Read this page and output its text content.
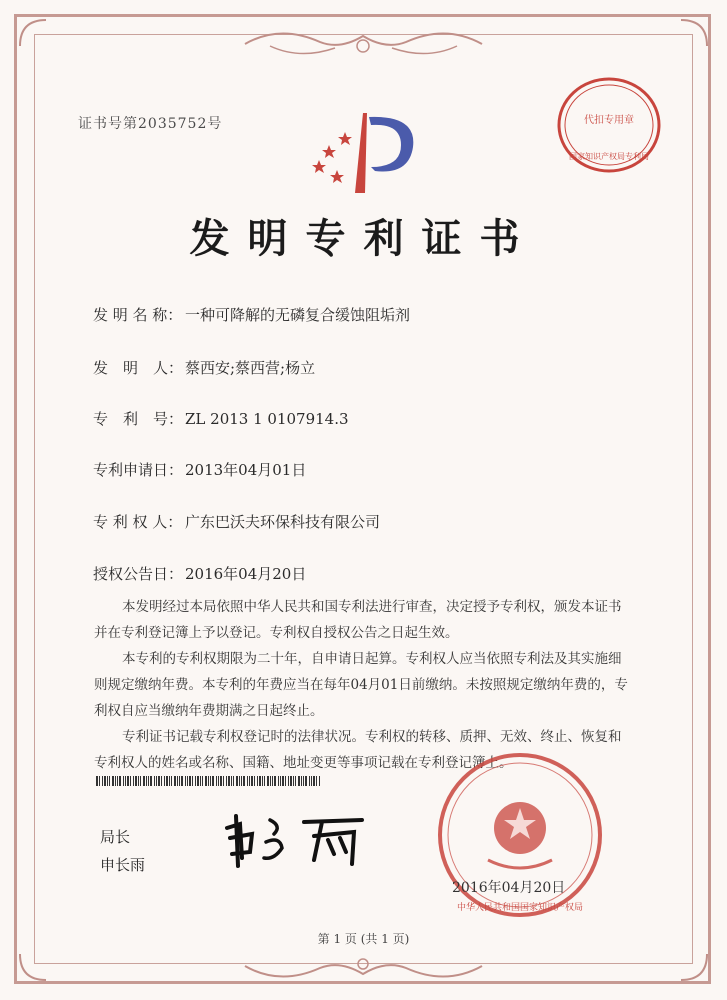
证书号第2035752号	代扣专用章
国家知识产权局专利局
发明专利证书
发 明 名 称： 一种可降解的无磷复合缓蚀阻垢剂
发　明　人： 蔡西安;蔡西营;杨立
专　利　号： ZL 2013 1 0107914.3
专利申请日： 2013年04月01日
专 利 权 人： 广东巴沃夫环保科技有限公司
授权公告日： 2016年04月20日

本发明经过本局依照中华人民共和国专利法进行审查，决定授予专利权，颁发本证书并在专利登记簿上予以登记。专利权自授权公告之日起生效。

本专利的专利权期限为二十年，自申请日起算。专利权人应当依照专利法及其实施细则规定缴纳年费。本专利的年费应当在每年04月01日前缴纳。未按照规定缴纳年费的，专利权自应当缴纳年费期满之日起终止。

专利证书记载专利权登记时的法律状况。专利权的转移、质押、无效、终止、恢复和专利权人的姓名或名称、国籍、地址变更等事项记载在专利登记簿上。

局长
申长雨
中华人民共和国国家知识产权局
2016年04月20日
第 1 页 (共 1 页)
